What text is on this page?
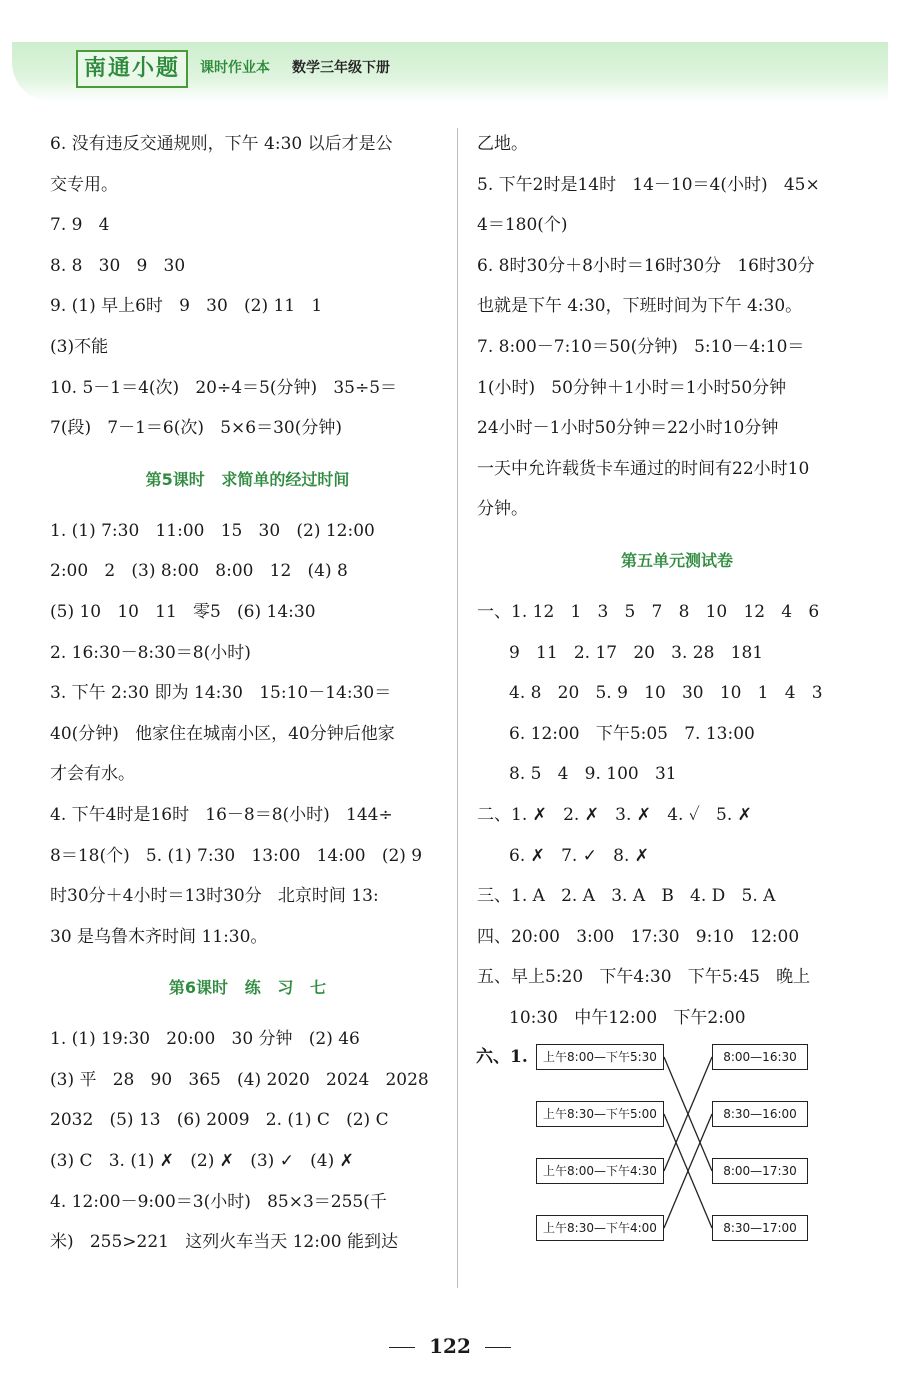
南通小题	课时作业本 数学三年级下册
6. 没有违反交通规则，下午 4:30 以后才是公
交专用。
7. 9   4
8. 8   30   9   30
9. (1) 早上6时   9   30   (2) 11   1
(3)不能
10. 5－1＝4(次)   20÷4＝5(分钟)   35÷5＝
7(段)   7－1＝6(次)   5×6＝30(分钟)
第5课时   求简单的经过时间
1. (1) 7:30   11:00   15   30   (2) 12:00
2:00   2   (3) 8:00   8:00   12   (4) 8
(5) 10   10   11   零5   (6) 14:30
2. 16:30－8:30＝8(小时)
3. 下午 2:30 即为 14:30   15:10－14:30＝
40(分钟)   他家住在城南小区，40分钟后他家
才会有水。
4. 下午4时是16时   16－8＝8(小时)   144÷
8＝18(个)   5. (1) 7:30   13:00   14:00   (2) 9
时30分＋4小时＝13时30分   北京时间 13:
30 是乌鲁木齐时间 11:30。
第6课时   练   习   七
1. (1) 19:30   20:00   30 分钟   (2) 46
(3) 平   28   90   365   (4) 2020   2024   2028
2032   (5) 13   (6) 2009   2. (1) C   (2) C
(3) C   3. (1) ✗   (2) ✗   (3) ✓   (4) ✗
4. 12:00－9:00＝3(小时)   85×3＝255(千
米)   255>221   这列火车当天 12:00 能到达
乙地。
5. 下午2时是14时   14－10＝4(小时)   45×
4＝180(个)
6. 8时30分＋8小时＝16时30分   16时30分
也就是下午 4:30，下班时间为下午 4:30。
7. 8:00－7:10＝50(分钟)   5:10－4:10＝
1(小时)   50分钟＋1小时＝1小时50分钟
24小时－1小时50分钟＝22小时10分钟
一天中允许载货卡车通过的时间有22小时10
分钟。
第五单元测试卷
一、1. 12   1   3   5   7   8   10   12   4   6
9   11   2. 17   20   3. 28   181
4. 8   20   5. 9   10   30   10   1   4   3
6. 12:00   下午5:05   7. 13:00
8. 5   4   9. 100   31
二、1. ✗   2. ✗   3. ✗   4. ✓   5. ✗
6. ✗   7. ✓   8. ✗
三、1. A   2. A   3. A   B   4. D   5. A
四、20:00   3:00   17:30   9:10   12:00
五、早上5:20   下午4:30   下午5:45   晚上
10:30   中午12:00   下午2:00
六、1.	上午8:00—下午5:30
上午8:30—下午5:00
上午8:00—下午4:30
上午8:30—下午4:00
8:00—16:30
8:30—16:00
8:00—17:30
8:30—17:00
122
